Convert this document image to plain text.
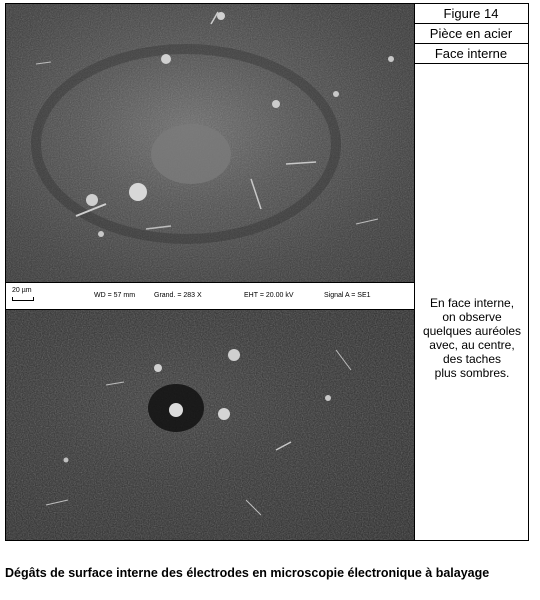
20 µm
WD = 57 mm	Grand. = 283 X	EHT = 20.00 kV	Signal A = SE1
Figure 14
Pièce en acier
Face interne
En face interne,
on observe
quelques auréoles
avec, au centre,
des taches
plus sombres.
Dégâts de surface interne des électrodes en microscopie électronique à balayage
